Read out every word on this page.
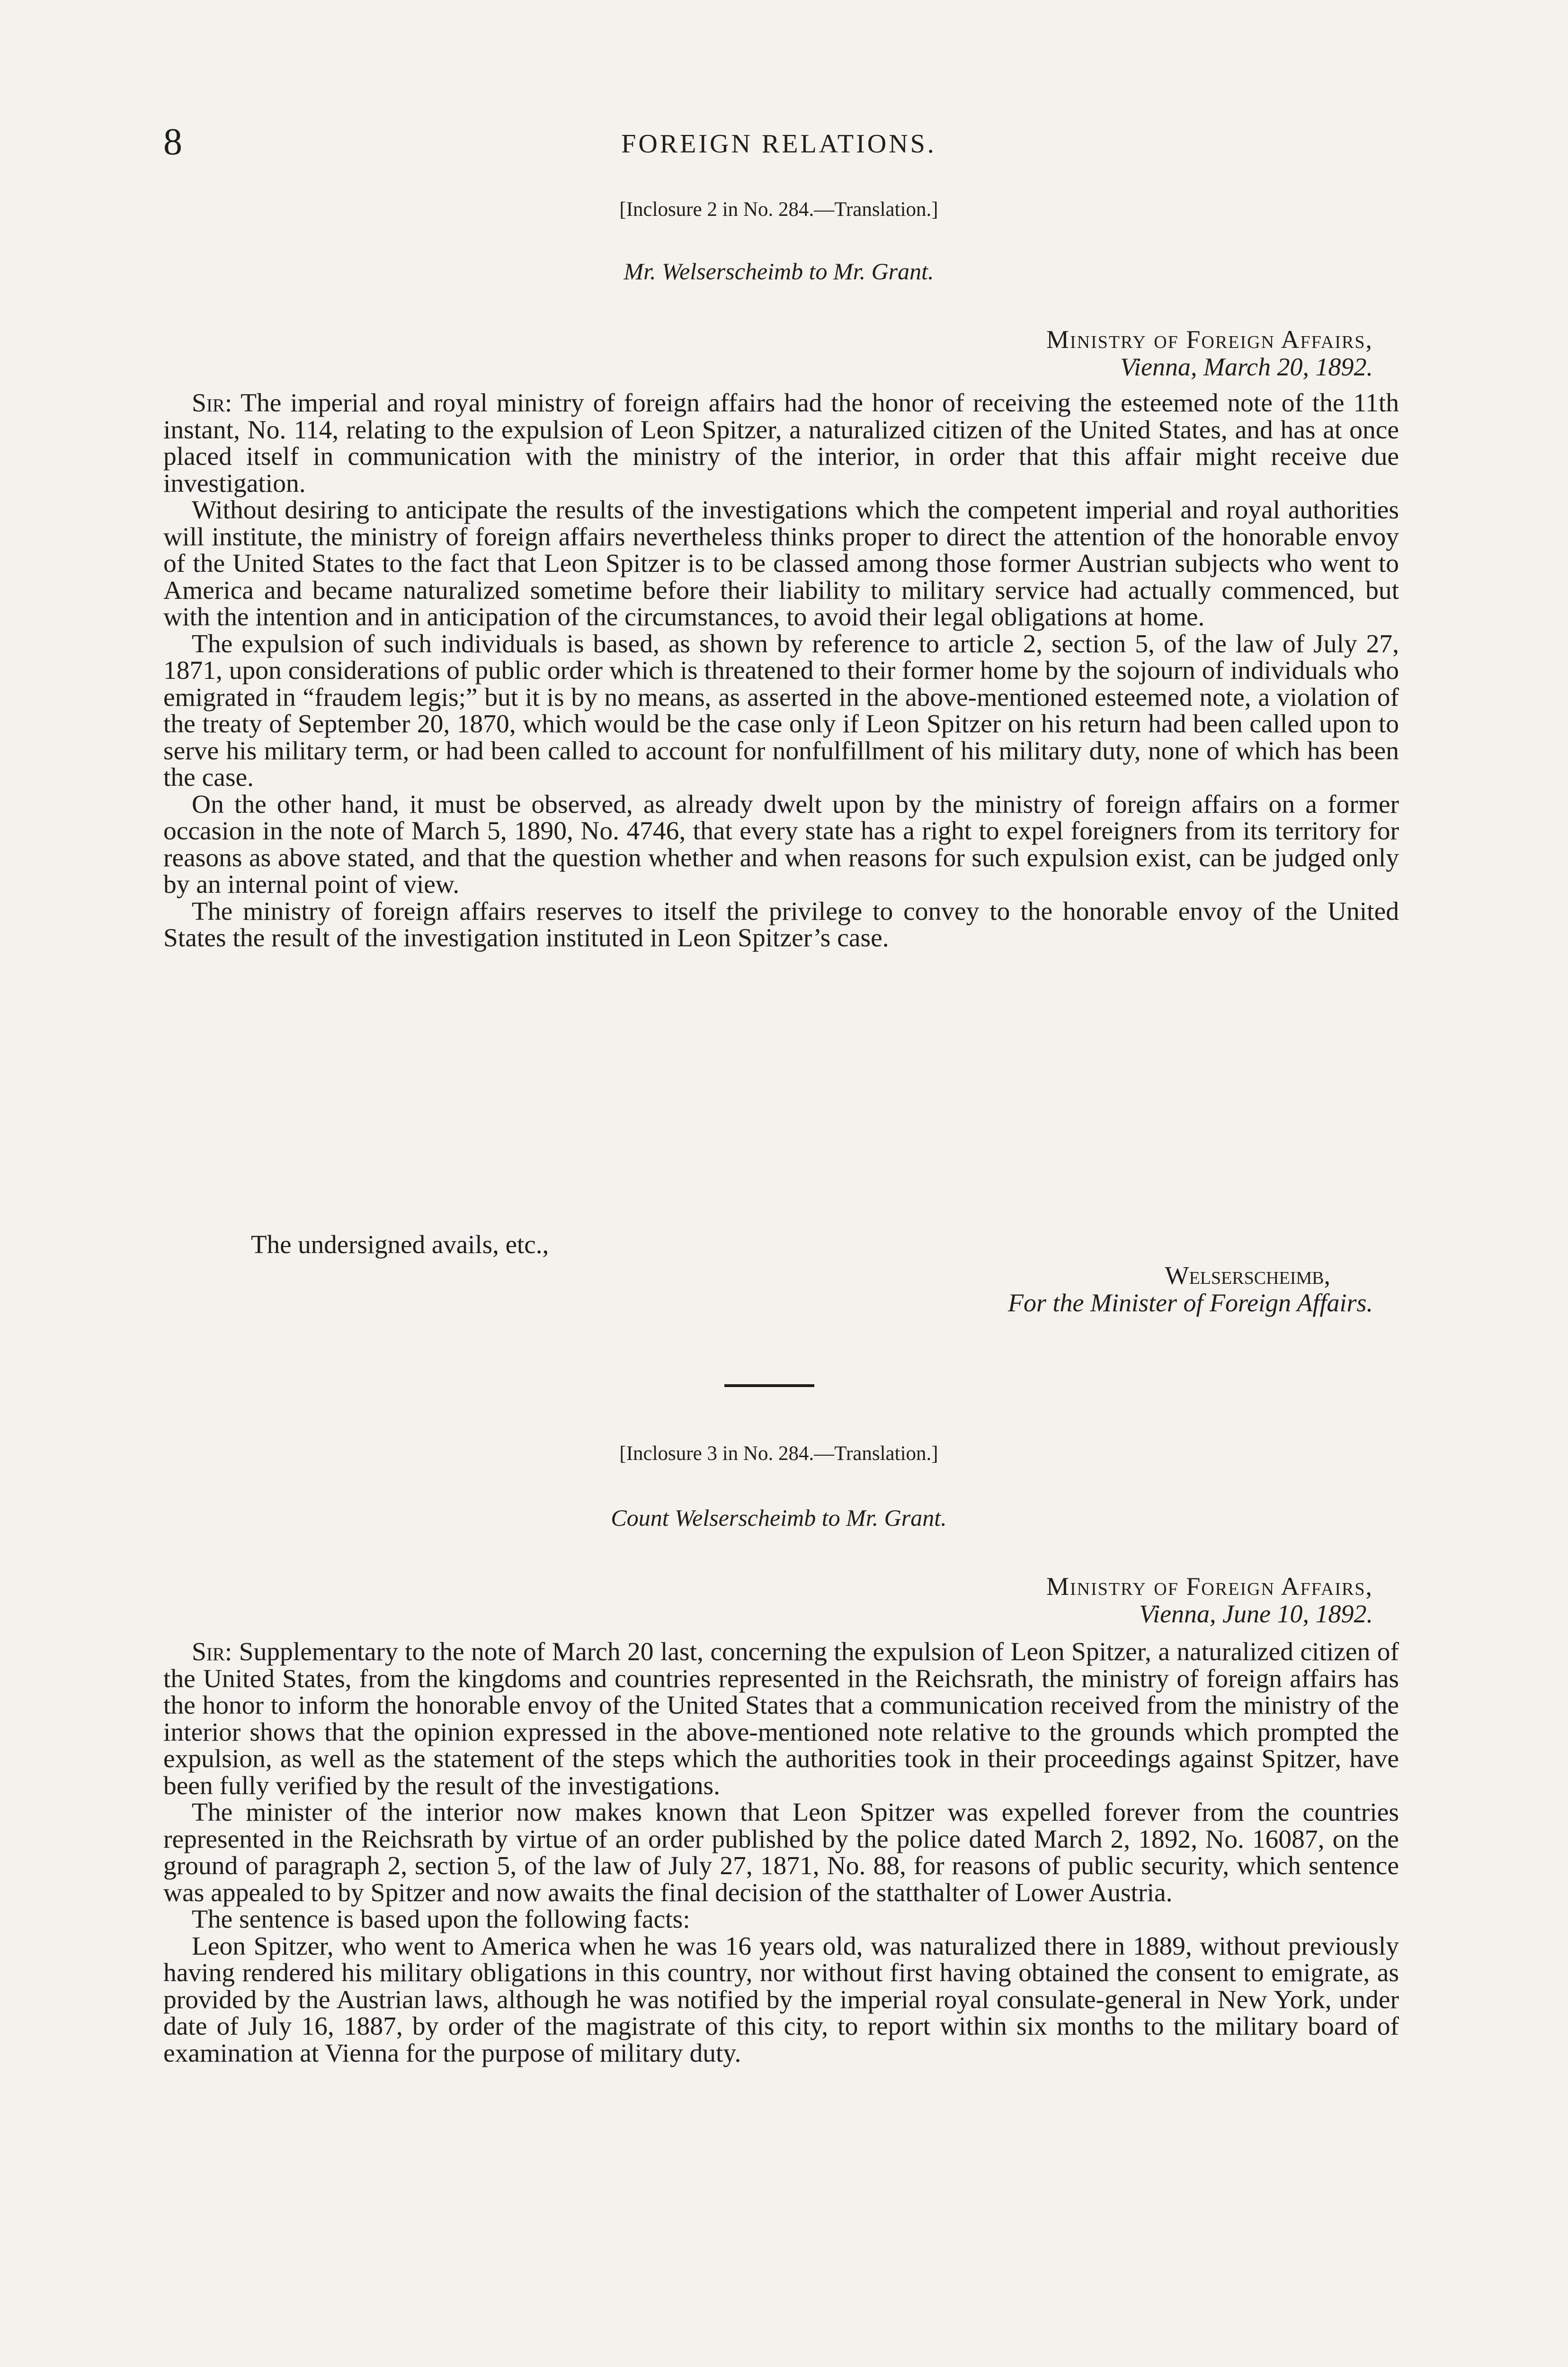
8	FOREIGN RELATIONS.
[Inclosure 2 in No. 284.—Translation.]
Mr. Welserscheimb to Mr. Grant.
Ministry of Foreign Affairs,
Vienna, March 20, 1892.

Sir: The imperial and royal ministry of foreign affairs had the honor of receiving the esteemed note of the 11th instant, No. 114, relating to the expulsion of Leon Spitzer, a naturalized citizen of the United States, and has at once placed itself in communication with the ministry of the interior, in order that this affair might receive due investigation.

Without desiring to anticipate the results of the investigations which the competent imperial and royal authorities will institute, the ministry of foreign affairs nevertheless thinks proper to direct the attention of the honorable envoy of the United States to the fact that Leon Spitzer is to be classed among those former Austrian subjects who went to America and became naturalized sometime before their liability to military service had actually commenced, but with the intention and in anticipation of the circumstances, to avoid their legal obligations at home.

The expulsion of such individuals is based, as shown by reference to article 2, section 5, of the law of July 27, 1871, upon considerations of public order which is threatened to their former home by the sojourn of individuals who emigrated in “fraudem legis;” but it is by no means, as asserted in the above-mentioned esteemed note, a violation of the treaty of September 20, 1870, which would be the case only if Leon Spitzer on his return had been called upon to serve his military term, or had been called to account for nonfulfillment of his military duty, none of which has been the case.

On the other hand, it must be observed, as already dwelt upon by the ministry of foreign affairs on a former occasion in the note of March 5, 1890, No. 4746, that every state has a right to expel foreigners from its territory for reasons as above stated, and that the question whether and when reasons for such expulsion exist, can be judged only by an internal point of view.

The ministry of foreign affairs reserves to itself the privilege to convey to the honorable envoy of the United States the result of the investigation instituted in Leon Spitzer’s case.

The undersigned avails, etc.,
Welserscheimb,
For the Minister of Foreign Affairs.
[Inclosure 3 in No. 284.—Translation.]
Count Welserscheimb to Mr. Grant.
Ministry of Foreign Affairs,
Vienna, June 10, 1892.

Sir: Supplementary to the note of March 20 last, concerning the expulsion of Leon Spitzer, a naturalized citizen of the United States, from the kingdoms and countries represented in the Reichsrath, the ministry of foreign affairs has the honor to inform the honorable envoy of the United States that a communication received from the ministry of the interior shows that the opinion expressed in the above-mentioned note relative to the grounds which prompted the expulsion, as well as the statement of the steps which the authorities took in their proceedings against Spitzer, have been fully verified by the result of the investigations.

The minister of the interior now makes known that Leon Spitzer was expelled forever from the countries represented in the Reichsrath by virtue of an order published by the police dated March 2, 1892, No. 16087, on the ground of paragraph 2, section 5, of the law of July 27, 1871, No. 88, for reasons of public security, which sentence was appealed to by Spitzer and now awaits the final decision of the statthalter of Lower Austria.

The sentence is based upon the following facts:

Leon Spitzer, who went to America when he was 16 years old, was naturalized there in 1889, without previously having rendered his military obligations in this country, nor without first having obtained the consent to emigrate, as provided by the Austrian laws, although he was notified by the imperial royal consulate-general in New York, under date of July 16, 1887, by order of the magistrate of this city, to report within six months to the military board of examination at Vienna for the purpose of military duty.
